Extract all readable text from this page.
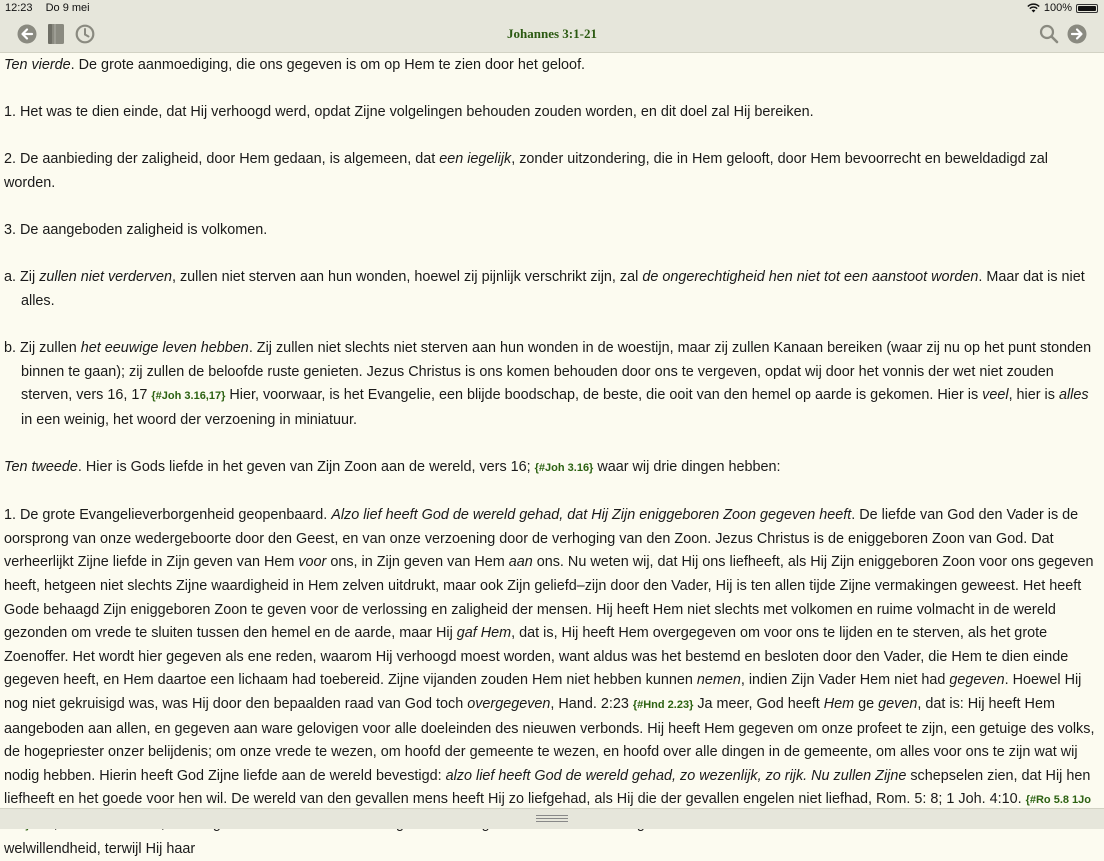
12:23 Do 9 mei	100%
Johannes 3:1-21

Ten vierde. De grote aanmoediging, die ons gegeven is om op Hem te zien door het geloof.

1. Het was te dien einde, dat Hij verhoogd werd, opdat Zijne volgelingen behouden zouden worden, en dit doel zal Hij bereiken.

2. De aanbieding der zaligheid, door Hem gedaan, is algemeen, dat een iegelijk, zonder uitzondering, die in Hem gelooft, door Hem bevoorrecht en beweldadigd zal worden.

3. De aangeboden zaligheid is volkomen.

a. Zij zullen niet verderven, zullen niet sterven aan hun wonden, hoewel zij pijnlijk verschrikt zijn, zal de ongerechtigheid hen niet tot een aanstoot worden. Maar dat is niet alles.

b. Zij zullen het eeuwige leven hebben. Zij zullen niet slechts niet sterven aan hun wonden in de woestijn, maar zij zullen Kanaan bereiken (waar zij nu op het punt stonden binnen te gaan); zij zullen de beloofde ruste genieten. Jezus Christus is ons komen behouden door ons te vergeven, opdat wij door het vonnis der wet niet zouden sterven, vers 16, 17 {#Joh 3.16,17} Hier, voorwaar, is het Evangelie, een blijde boodschap, de beste, die ooit van den hemel op aarde is gekomen. Hier is veel, hier is alles in een weinig, het woord der verzoening in miniatuur.

Ten tweede. Hier is Gods liefde in het geven van Zijn Zoon aan de wereld, vers 16; {#Joh 3.16} waar wij drie dingen hebben:

1. De grote Evangelieverborgenheid geopenbaard. Alzo lief heeft God de wereld gehad, dat Hij Zijn eniggeboren Zoon gegeven heeft. De liefde van God den Vader is de oorsprong van onze wedergeboorte door den Geest, en van onze verzoening door de verhoging van den Zoon. Jezus Christus is de eniggeboren Zoon van God. Dat verheerlijkt Zijne liefde in Zijn geven van Hem voor ons, in Zijn geven van Hem aan ons. Nu weten wij, dat Hij ons liefheeft, als Hij Zijn eniggeboren Zoon voor ons gegeven heeft, hetgeen niet slechts Zijne waardigheid in Hem zelven uitdrukt, maar ook Zijn geliefd–zijn door den Vader, Hij is ten allen tijde Zijne vermakingen geweest. Het heeft Gode behaagd Zijn eniggeboren Zoon te geven voor de verlossing en zaligheid der mensen. Hij heeft Hem niet slechts met volkomen en ruime volmacht in de wereld gezonden om vrede te sluiten tussen den hemel en de aarde, maar Hij gaf Hem, dat is, Hij heeft Hem overgegeven om voor ons te lijden en te sterven, als het grote Zoenoffer. Het wordt hier gegeven als ene reden, waarom Hij verhoogd moest worden, want aldus was het bestemd en besloten door den Vader, die Hem te dien einde gegeven heeft, en Hem daartoe een lichaam had toebereid. Zijne vijanden zouden Hem niet hebben kunnen nemen, indien Zijn Vader Hem niet had gegeven. Hoewel Hij nog niet gekruisigd was, was Hij door den bepaalden raad van God toch overgegeven, Hand. 2:23 {#Hnd 2.23} Ja meer, God heeft Hem ge geven, dat is: Hij heeft Hem aangeboden aan allen, en gegeven aan ware gelovigen voor alle doeleinden des nieuwen verbonds. Hij heeft Hem gegeven om onze profeet te zijn, een getuige des volks, de hogepriester onzer belijdenis; om onze vrede te wezen, om hoofd der gemeente te wezen, en hoofd over alle dingen in de gemeente, om alles voor ons te zijn wat wij nodig hebben. Hierin heeft God Zijne liefde aan de wereld bevestigd: alzo lief heeft God de wereld gehad, zo wezenlijk, zo rijk. Nu zullen Zijne schepselen zien, dat Hij hen liefheeft en het goede voor hen wil. De wereld van den gevallen mens heeft Hij zo liefgehad, als Hij die der gevallen engelen niet liefhad, Rom. 5: 8; 1 Joh. 4:10. {#Ro 5.8 1Jo welwillendheid, terwijl Hij haar
